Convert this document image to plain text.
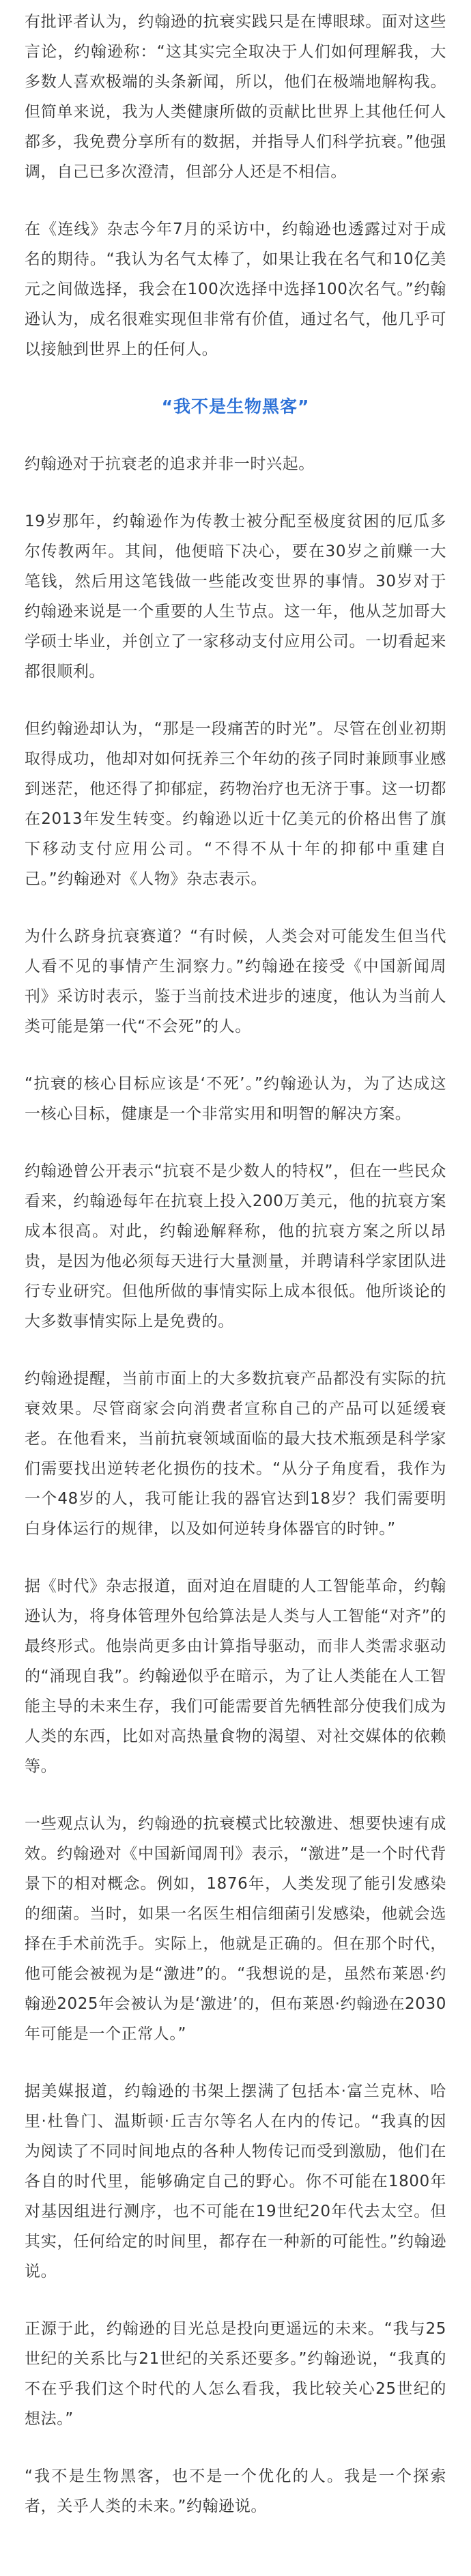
有批评者认为，约翰逊的抗衰实践只是在博眼球。面对这些言论，约翰逊称：“这其实完全取决于人们如何理解我，大多数人喜欢极端的头条新闻，所以，他们在极端地解构我。但简单来说，我为人类健康所做的贡献比世界上其他任何人都多，我免费分享所有的数据，并指导人们科学抗衰。”他强调，自己已多次澄清，但部分人还是不相信。

在《连线》杂志今年7月的采访中，约翰逊也透露过对于成名的期待。“我认为名气太棒了，如果让我在名气和10亿美元之间做选择，我会在100次选择中选择100次名气。”约翰逊认为，成名很难实现但非常有价值，通过名气，他几乎可以接触到世界上的任何人。

“我不是生物黑客”

约翰逊对于抗衰老的追求并非一时兴起。

19岁那年，约翰逊作为传教士被分配至极度贫困的厄瓜多尔传教两年。其间，他便暗下决心，要在30岁之前赚一大笔钱，然后用这笔钱做一些能改变世界的事情。30岁对于约翰逊来说是一个重要的人生节点。这一年，他从芝加哥大学硕士毕业，并创立了一家移动支付应用公司。一切看起来都很顺利。

但约翰逊却认为，“那是一段痛苦的时光”。尽管在创业初期取得成功，他却对如何抚养三个年幼的孩子同时兼顾事业感到迷茫，他还得了抑郁症，药物治疗也无济于事。这一切都在2013年发生转变。约翰逊以近十亿美元的价格出售了旗下移动支付应用公司。“不得不从十年的抑郁中重建自己。”约翰逊对《人物》杂志表示。

为什么跻身抗衰赛道？“有时候，人类会对可能发生但当代人看不见的事情产生洞察力。”约翰逊在接受《中国新闻周刊》采访时表示，鉴于当前技术进步的速度，他认为当前人类可能是第一代“不会死”的人。

“抗衰的核心目标应该是‘不死’。”约翰逊认为，为了达成这一核心目标，健康是一个非常实用和明智的解决方案。

约翰逊曾公开表示“抗衰不是少数人的特权”，但在一些民众看来，约翰逊每年在抗衰上投入200万美元，他的抗衰方案成本很高。对此，约翰逊解释称，他的抗衰方案之所以昂贵，是因为他必须每天进行大量测量，并聘请科学家团队进行专业研究。但他所做的事情实际上成本很低。他所谈论的大多数事情实际上是免费的。

约翰逊提醒，当前市面上的大多数抗衰产品都没有实际的抗衰效果。尽管商家会向消费者宣称自己的产品可以延缓衰老。在他看来，当前抗衰领域面临的最大技术瓶颈是科学家们需要找出逆转老化损伤的技术。“从分子角度看，我作为一个48岁的人，我可能让我的器官达到18岁？我们需要明白身体运行的规律，以及如何逆转身体器官的时钟。”

据《时代》杂志报道，面对迫在眉睫的人工智能革命，约翰逊认为，将身体管理外包给算法是人类与人工智能“对齐”的最终形式。他崇尚更多由计算指导驱动，而非人类需求驱动的“涌现自我”。约翰逊似乎在暗示，为了让人类能在人工智能主导的未来生存，我们可能需要首先牺牲部分使我们成为人类的东西，比如对高热量食物的渴望、对社交媒体的依赖等。

一些观点认为，约翰逊的抗衰模式比较激进、想要快速有成效。约翰逊对《中国新闻周刊》表示，“激进”是一个时代背景下的相对概念。例如，1876年，人类发现了能引发感染的细菌。当时，如果一名医生相信细菌引发感染，他就会选择在手术前洗手。实际上，他就是正确的。但在那个时代，他可能会被视为是“激进”的。“我想说的是，虽然布莱恩·约翰逊2025年会被认为是‘激进’的，但布莱恩·约翰逊在2030年可能是一个正常人。”

据美媒报道，约翰逊的书架上摆满了包括本·富兰克林、哈里·杜鲁门、温斯顿·丘吉尔等名人在内的传记。“我真的因为阅读了不同时间地点的各种人物传记而受到激励，他们在各自的时代里，能够确定自己的野心。你不可能在1800年对基因组进行测序，也不可能在19世纪20年代去太空。但其实，任何给定的时间里，都存在一种新的可能性。”约翰逊说。

正源于此，约翰逊的目光总是投向更遥远的未来。“我与25世纪的关系比与21世纪的关系还要多。”约翰逊说，“我真的不在乎我们这个时代的人怎么看我，我比较关心25世纪的想法。”

“我不是生物黑客，也不是一个优化的人。我是一个探索者，关乎人类的未来。”约翰逊说。
